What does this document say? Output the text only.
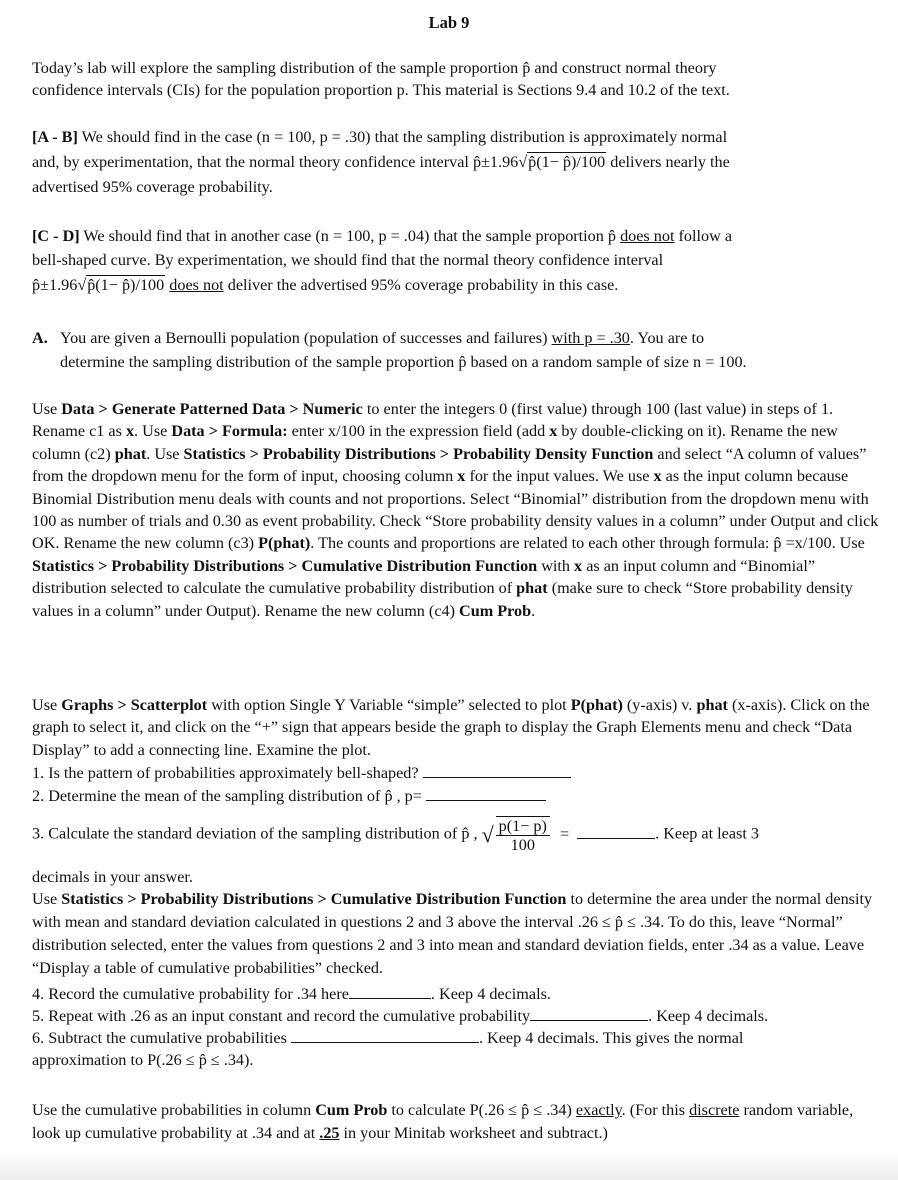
Lab 9
Today’s lab will explore the sampling distribution of the sample proportion p̂ and construct normal theory
confidence intervals (CIs) for the population proportion p. This material is Sections 9.4 and 10.2 of the text.
[A - B] We should find in the case (n = 100, p = .30) that the sampling distribution is approximately normal
and, by experimentation, that the normal theory confidence interval p̂±1.96√p̂(1− p̂)/100 delivers nearly the
advertised 95% coverage probability.
[C - D] We should find that in another case (n = 100, p = .04) that the sample proportion p̂ does not follow a
bell-shaped curve. By experimentation, we should find that the normal theory confidence interval
p̂±1.96√p̂(1− p̂)/100 does not deliver the advertised 95% coverage probability in this case.
A. You are given a Bernoulli population (population of successes and failures) with p = .30. You are to
determine the sampling distribution of the sample proportion p̂ based on a random sample of size n = 100.
Use Data > Generate Patterned Data > Numeric to enter the integers 0 (first value) through 100 (last value) in steps of 1. Rename c1 as x. Use Data > Formula: enter x/100 in the expression field (add x by double-clicking on it). Rename the new column (c2) phat. Use Statistics > Probability Distributions > Probability Density Function and select “A column of values” from the dropdown menu for the form of input, choosing column x for the input values. We use x as the input column because Binomial Distribution menu deals with counts and not proportions. Select “Binomial” distribution from the dropdown menu with 100 as number of trials and 0.30 as event probability. Check “Store probability density values in a column” under Output and click OK. Rename the new column (c3) P(phat). The counts and proportions are related to each other through formula: p̂ =x/100. Use Statistics > Probability Distributions > Cumulative Distribution Function with x as an input column and “Binomial” distribution selected to calculate the cumulative probability distribution of phat (make sure to check “Store probability density values in a column” under Output). Rename the new column (c4) Cum Prob.
Use Graphs > Scatterplot with option Single Y Variable “simple” selected to plot P(phat) (y-axis) v. phat (x-axis). Click on the graph to select it, and click on the “+” sign that appears beside the graph to display the Graph Elements menu and check “Data Display” to add a connecting line. Examine the plot.
1. Is the pattern of probabilities approximately bell-shaped?
2. Determine the mean of the sampling distribution of p̂ , p=
3. Calculate the standard deviation of the sampling distribution of p̂ , √ $\frac{p(1- p)}{100}$ =	. Keep at least 3
decimals in your answer.
Use Statistics > Probability Distributions > Cumulative Distribution Function to determine the area under the normal density with mean and standard deviation calculated in questions 2 and 3 above the interval .26 ≤ p̂ ≤ .34. To do this, leave “Normal” distribution selected, enter the values from questions 2 and 3 into mean and standard deviation fields, enter .34 as a value. Leave “Display a table of cumulative probabilities” checked.
4. Record the cumulative probability for .34 here	. Keep 4 decimals.
5. Repeat with .26 as an input constant and record the cumulative probability	. Keep 4 decimals.
6. Subtract the cumulative probabilities	. Keep 4 decimals. This gives the normal
approximation to P(.26 ≤ p̂ ≤ .34).
Use the cumulative probabilities in column Cum Prob to calculate P(.26 ≤ p̂ ≤ .34) exactly. (For this discrete random variable, look up cumulative probability at .34 and at .25 in your Minitab worksheet and subtract.)
